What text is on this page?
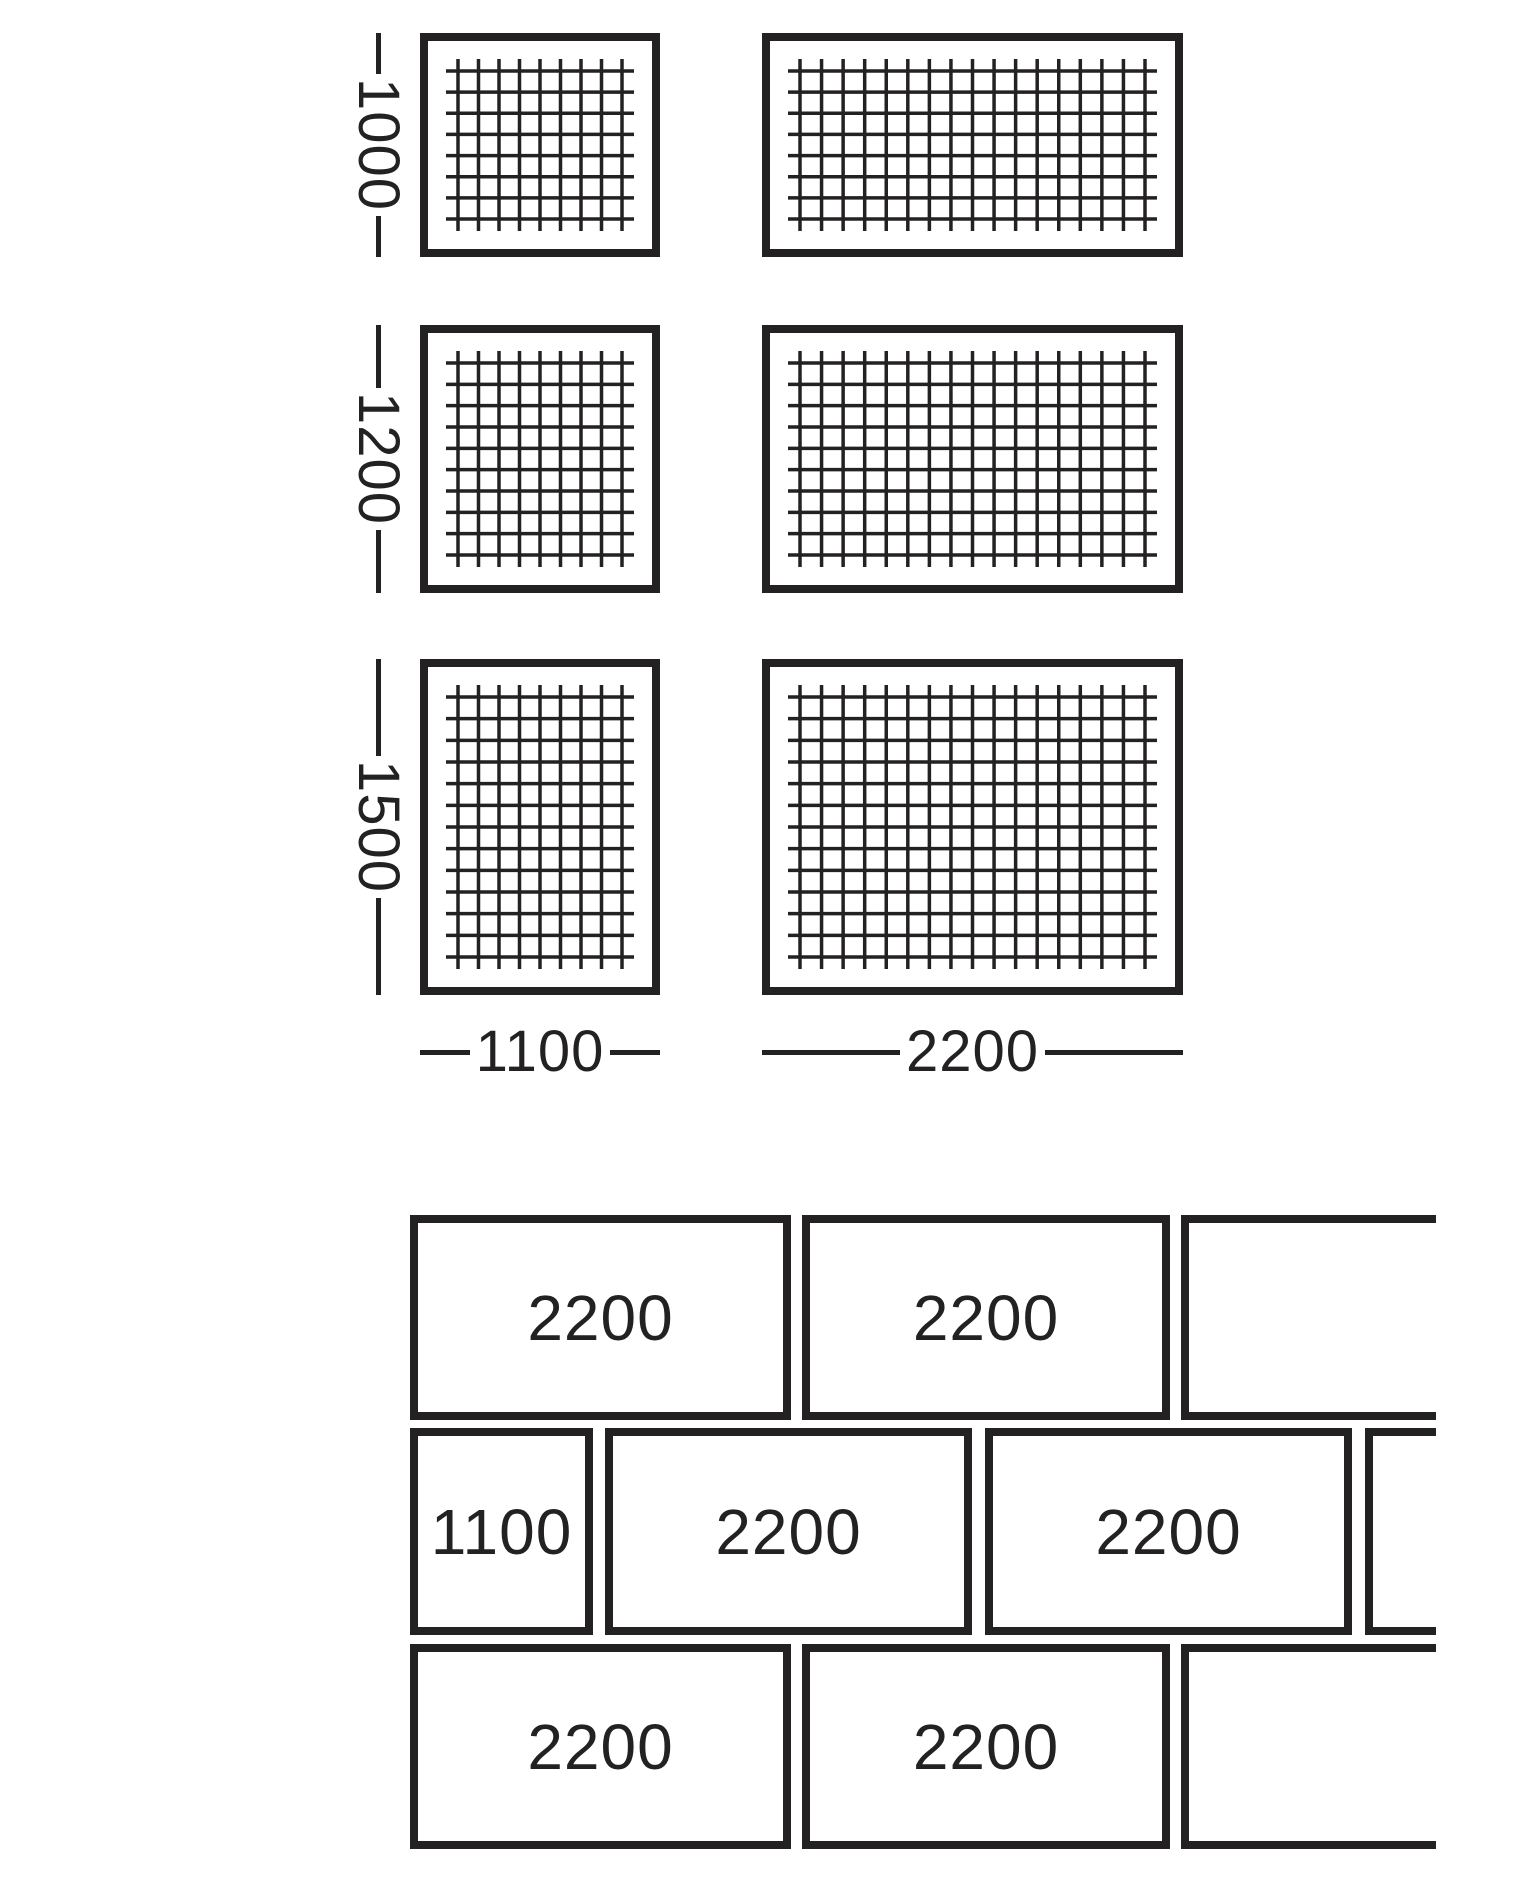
1000
1200
1500
1100	2200
2200	2200
1100 2200	2200
2200	2200
